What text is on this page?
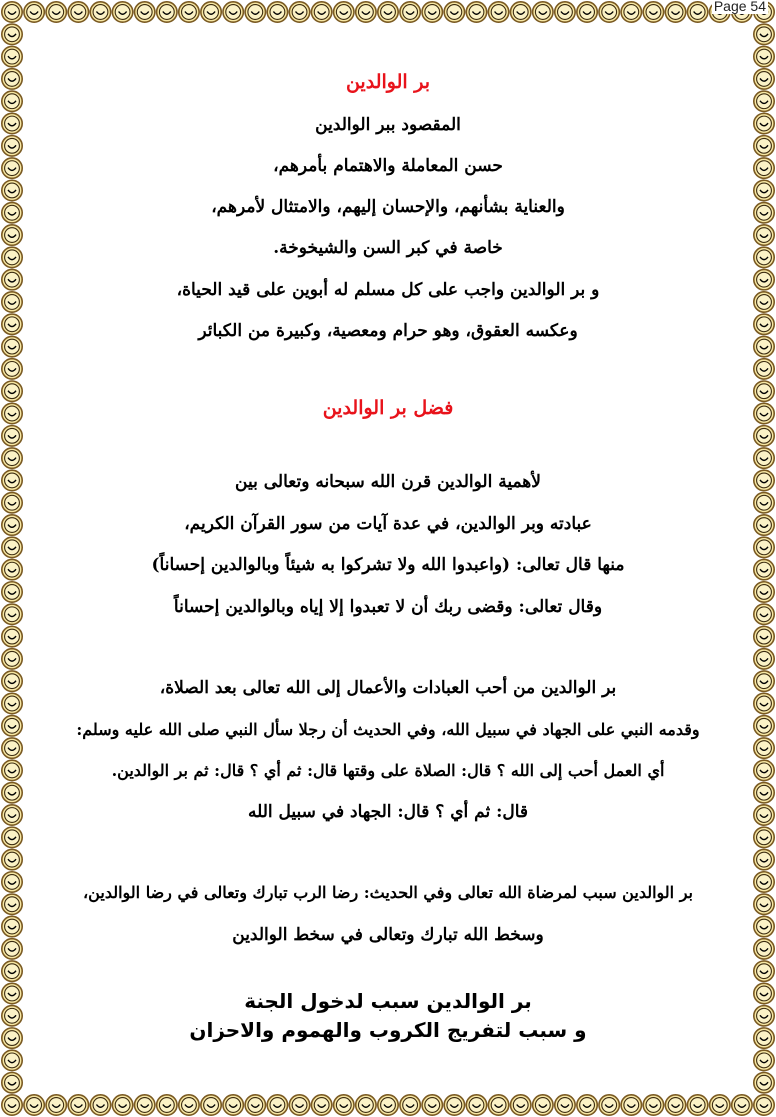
Page 54
بر الوالدين
المقصود ببر الوالدين
حسن المعاملة والاهتمام بأمرهم،
والعناية بشأنهم، والإحسان إليهم، والامتثال لأمرهم،
خاصة في كبر السن والشيخوخة.
و بر الوالدين واجب على كل مسلم له أبوين على قيد الحياة،
وعكسه العقوق، وهو حرام ومعصية، وكبيرة من الكبائر
فضل بر الوالدين
لأهمية الوالدين قرن الله سبحانه وتعالى بين
عبادته وبر الوالدين، في عدة آيات من سور القرآن الكريم،
منها قال تعالى: (واعبدوا الله ولا تشركوا به شيئاً وبالوالدين إحساناً)
وقال تعالى: وقضى ربك أن لا تعبدوا إلا إياه وبالوالدين إحساناً
بر الوالدين من أحب العبادات والأعمال إلى الله تعالى بعد الصلاة،
وقدمه النبي على الجهاد في سبيل الله، وفي الحديث أن رجلا سأل النبي صلى الله عليه وسلم:
أي العمل أحب إلى الله ؟ قال: الصلاة على وقتها قال: ثم أي ؟ قال: ثم بر الوالدين.
قال: ثم أي ؟ قال: الجهاد في سبيل الله
بر الوالدين سبب لمرضاة الله تعالى وفي الحديث: رضا الرب تبارك وتعالى في رضا الوالدين،
وسخط الله تبارك وتعالى في سخط الوالدين
بر الوالدين سبب لدخول الجنة
و سبب لتفريج الكروب والهموم والاحزان
